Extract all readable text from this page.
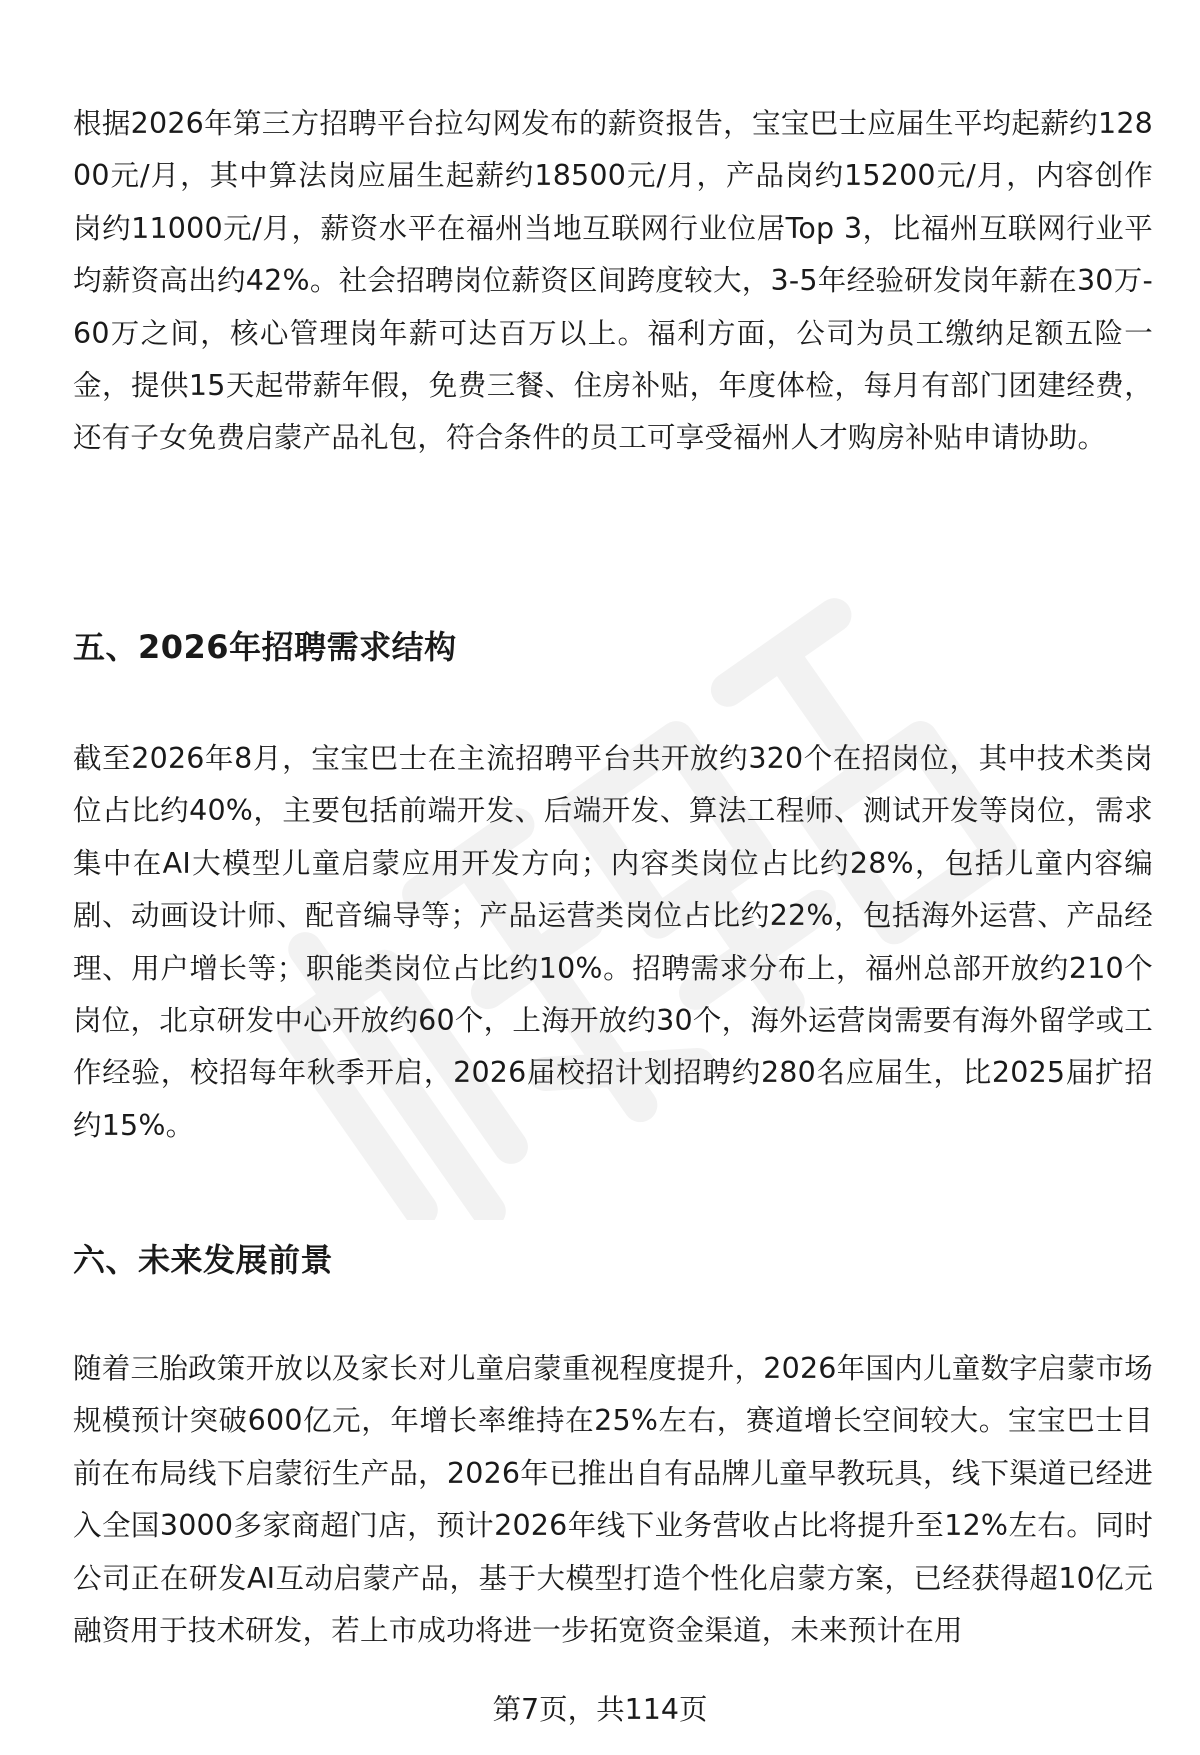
根据2026年第三方招聘平台拉勾网发布的薪资报告，宝宝巴士应届生平均起薪约12800元/月，其中算法岗应届生起薪约18500元/月，产品岗约15200元/月，内容创作岗约11000元/月，薪资水平在福州当地互联网行业位居Top 3，比福州互联网行业平均薪资高出约42%。社会招聘岗位薪资区间跨度较大，3-5年经验研发岗年薪在30万-60万之间，核心管理岗年薪可达百万以上。福利方面，公司为员工缴纳足额五险一金，提供15天起带薪年假，免费三餐、住房补贴，年度体检，每月有部门团建经费，还有子女免费启蒙产品礼包，符合条件的员工可享受福州人才购房补贴申请协助。

五、2026年招聘需求结构

截至2026年8月，宝宝巴士在主流招聘平台共开放约320个在招岗位，其中技术类岗位占比约40%，主要包括前端开发、后端开发、算法工程师、测试开发等岗位，需求集中在AI大模型儿童启蒙应用开发方向；内容类岗位占比约28%，包括儿童内容编剧、动画设计师、配音编导等；产品运营类岗位占比约22%，包括海外运营、产品经理、用户增长等；职能类岗位占比约10%。招聘需求分布上，福州总部开放约210个岗位，北京研发中心开放约60个，上海开放约30个，海外运营岗需要有海外留学或工作经验，校招每年秋季开启，2026届校招计划招聘约280名应届生，比2025届扩招约15%。

六、未来发展前景

随着三胎政策开放以及家长对儿童启蒙重视程度提升，2026年国内儿童数字启蒙市场规模预计突破600亿元，年增长率维持在25%左右，赛道增长空间较大。宝宝巴士目前在布局线下启蒙衍生产品，2026年已推出自有品牌儿童早教玩具，线下渠道已经进入全国3000多家商超门店，预计2026年线下业务营收占比将提升至12%左右。同时公司正在研发AI互动启蒙产品，基于大模型打造个性化启蒙方案，已经获得超10亿元融资用于技术研发，若上市成功将进一步拓宽资金渠道，未来预计在用

第7页，共114页
